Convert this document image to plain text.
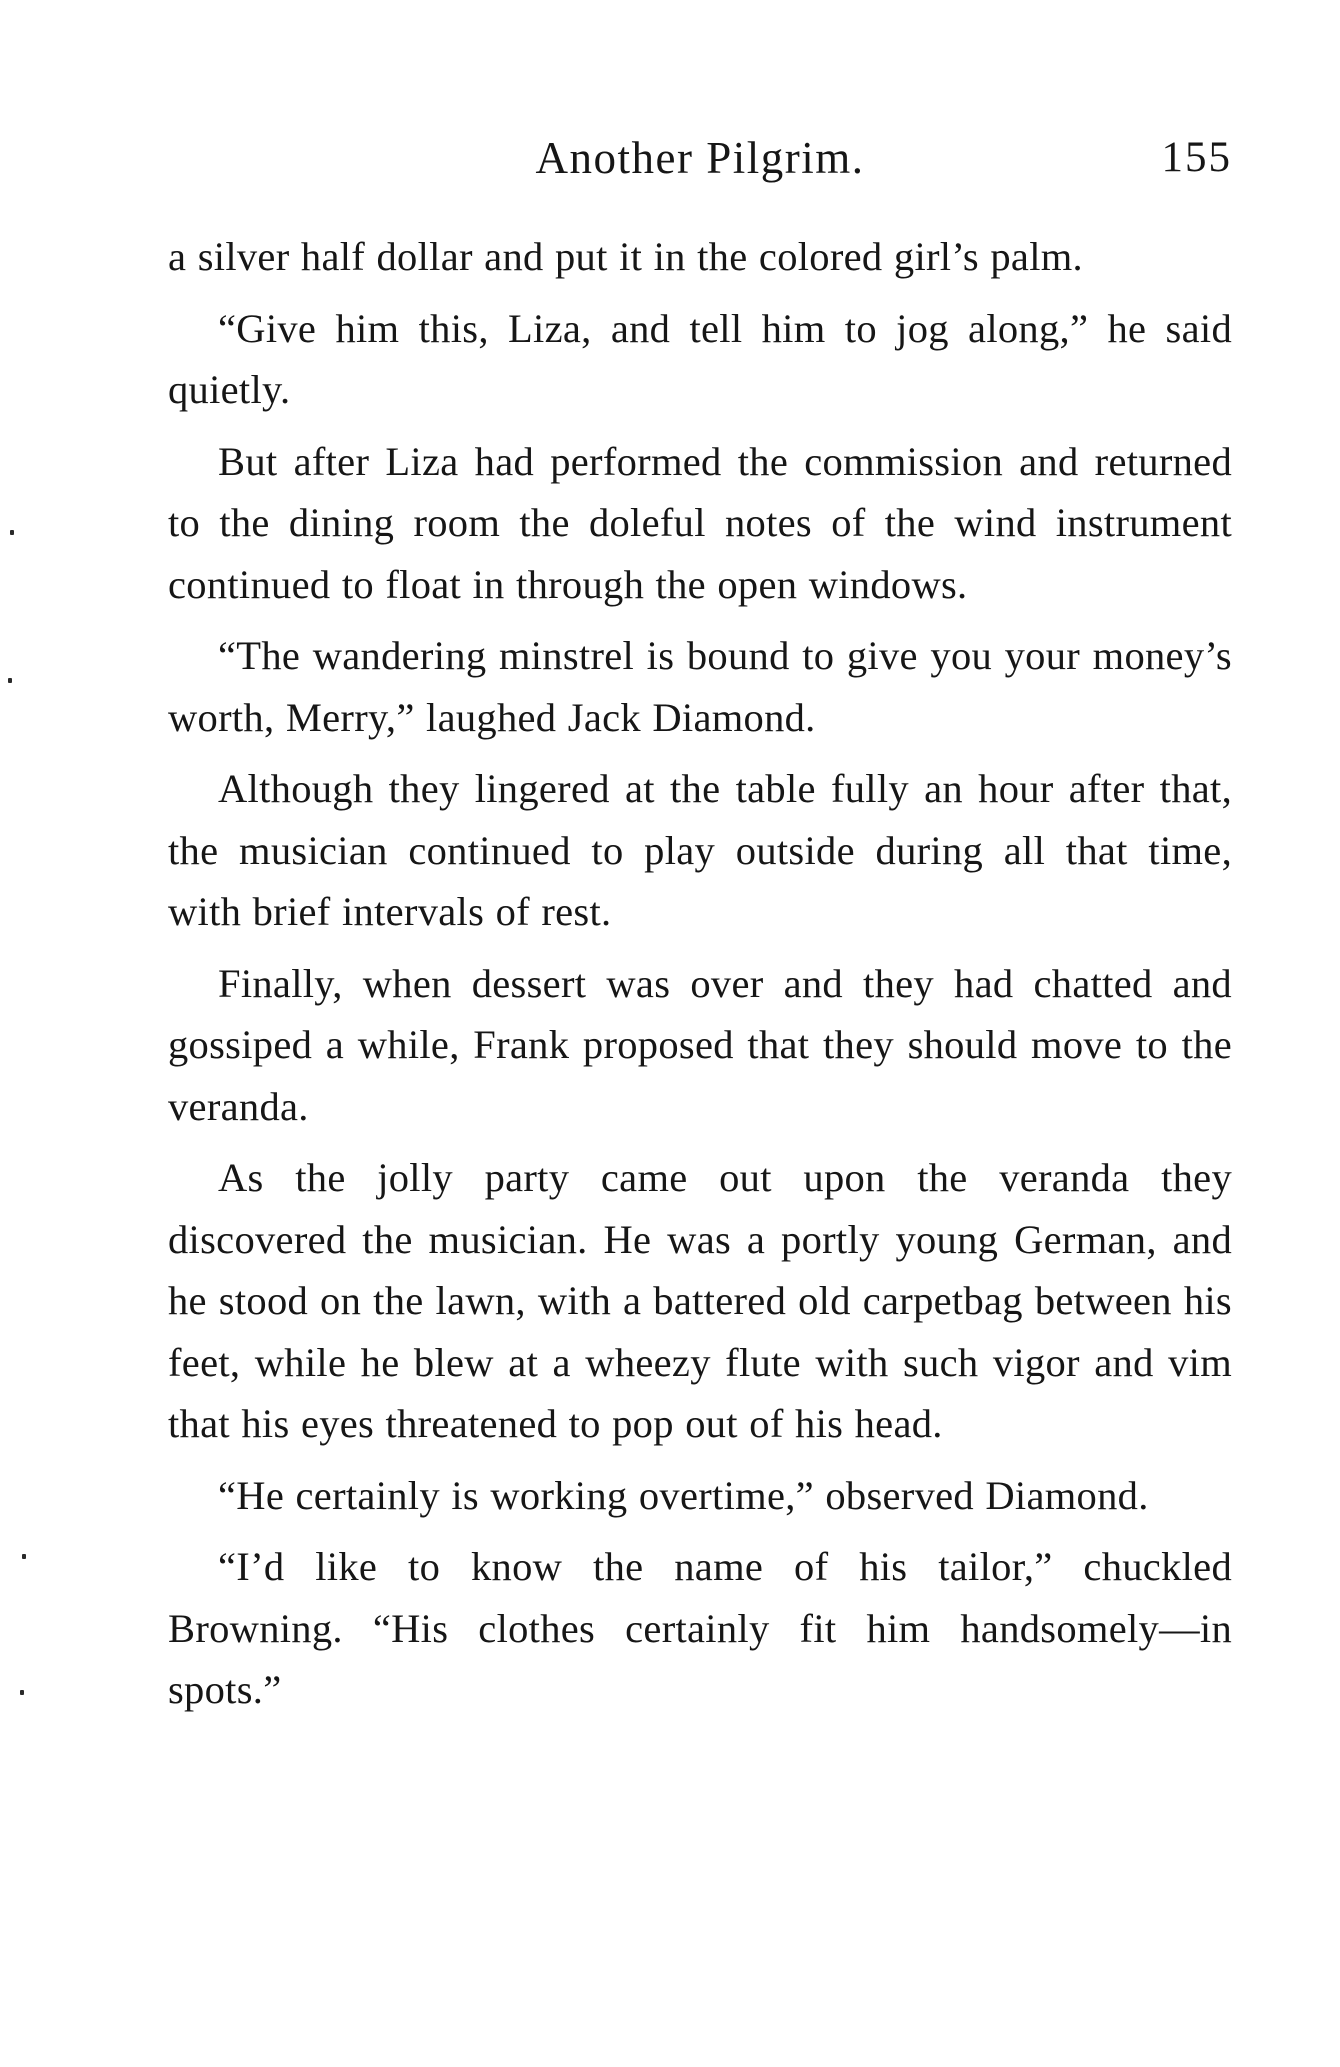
Another Pilgrim.	155

a silver half dollar and put it in the colored girl’s palm.

“Give him this, Liza, and tell him to jog along,” he said quietly.

But after Liza had performed the commission and returned to the dining room the doleful notes of the wind instrument continued to float in through the open windows.

“The wandering minstrel is bound to give you your money’s worth, Merry,” laughed Jack Diamond.

Although they lingered at the table fully an hour after that, the musician continued to play outside during all that time, with brief intervals of rest.

Finally, when dessert was over and they had chatted and gossiped a while, Frank proposed that they should move to the veranda.

As the jolly party came out upon the veranda they discovered the musician. He was a portly young German, and he stood on the lawn, with a battered old carpetbag between his feet, while he blew at a wheezy flute with such vigor and vim that his eyes threatened to pop out of his head.

“He certainly is working overtime,” observed Diamond.

“I’d like to know the name of his tailor,” chuckled Browning. “His clothes certainly fit him handsomely—in spots.”
